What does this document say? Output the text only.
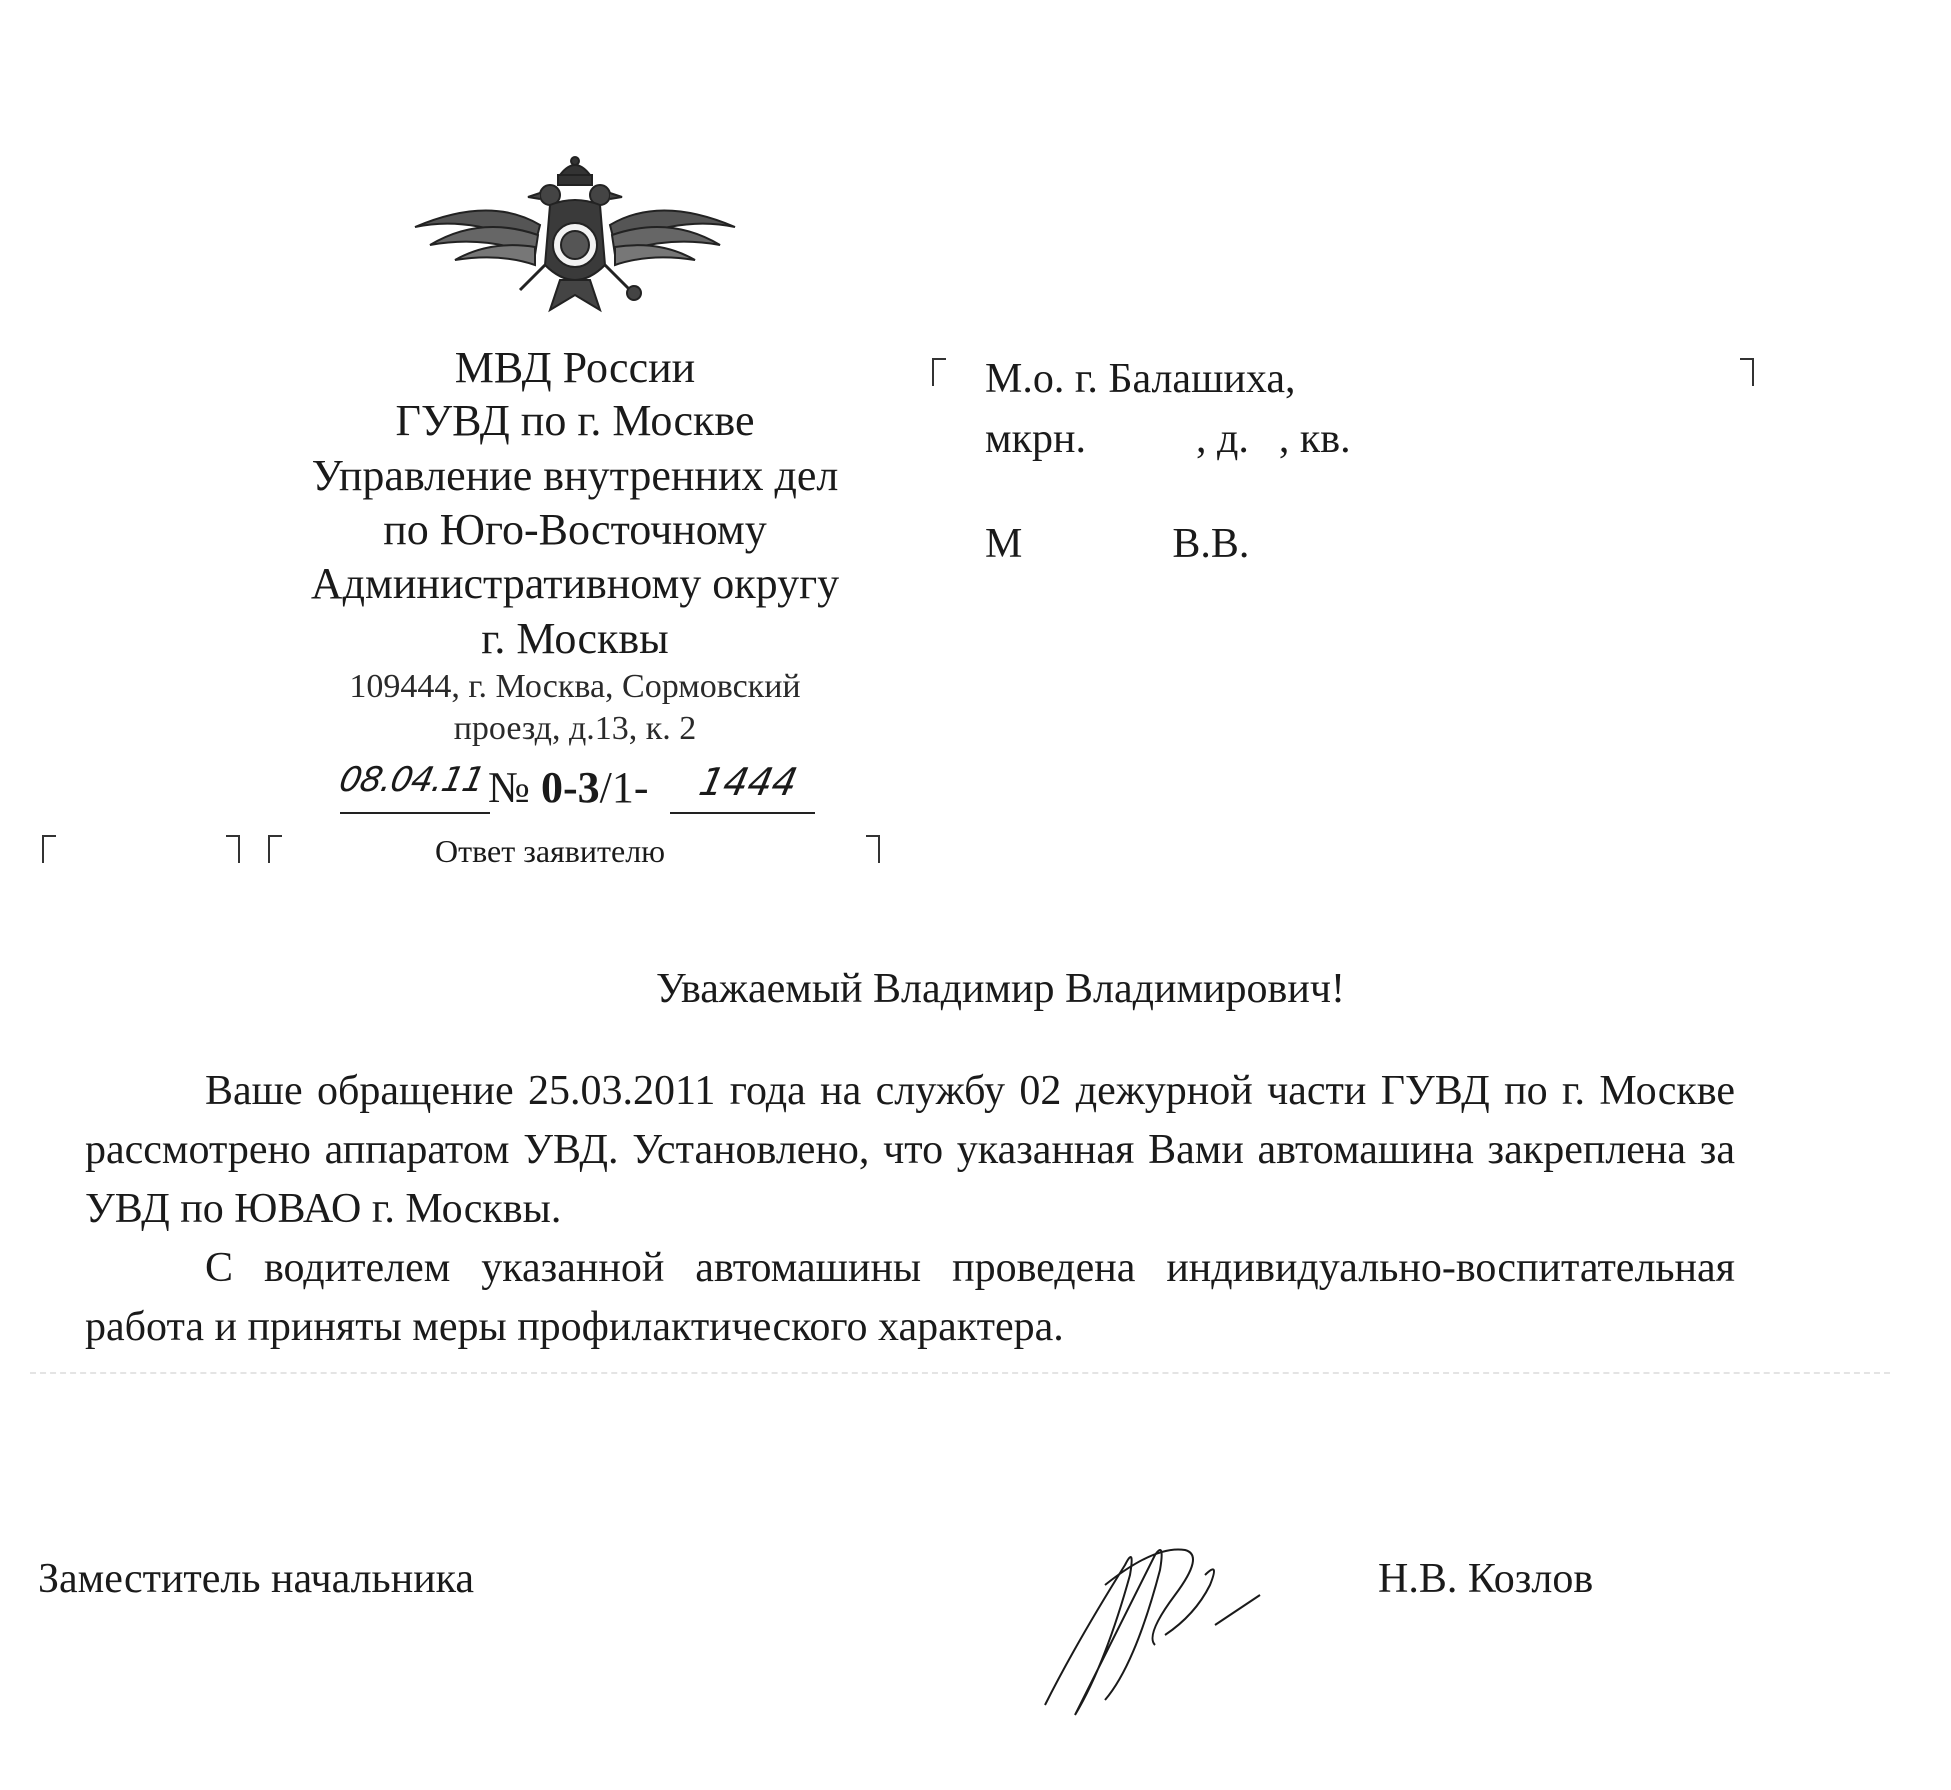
МВД России
ГУВД по г. Москве
Управление внутренних дел
по Юго-Восточному
Административному округу
г. Москвы
109444, г. Москва, Сормовский
проезд, д.13, к. 2
08.04.11 № 0-3/1- 1444
Ответ заявителю
М.о. г. Балашиха,
мкрн.	, д. , кв.
М	В.В.
Уважаемый Владимир Владимирович!

Ваше обращение 25.03.2011 года на службу 02 дежурной части ГУВД по г. Москве рассмотрено аппаратом УВД. Установлено, что указанная Вами автомашина закреплена за УВД по ЮВАО г. Москвы.

С водителем указанной автомашины проведена индивидуально-воспитательная работа и приняты меры профилактического характера.

Заместитель начальника	Н.В. Козлов
